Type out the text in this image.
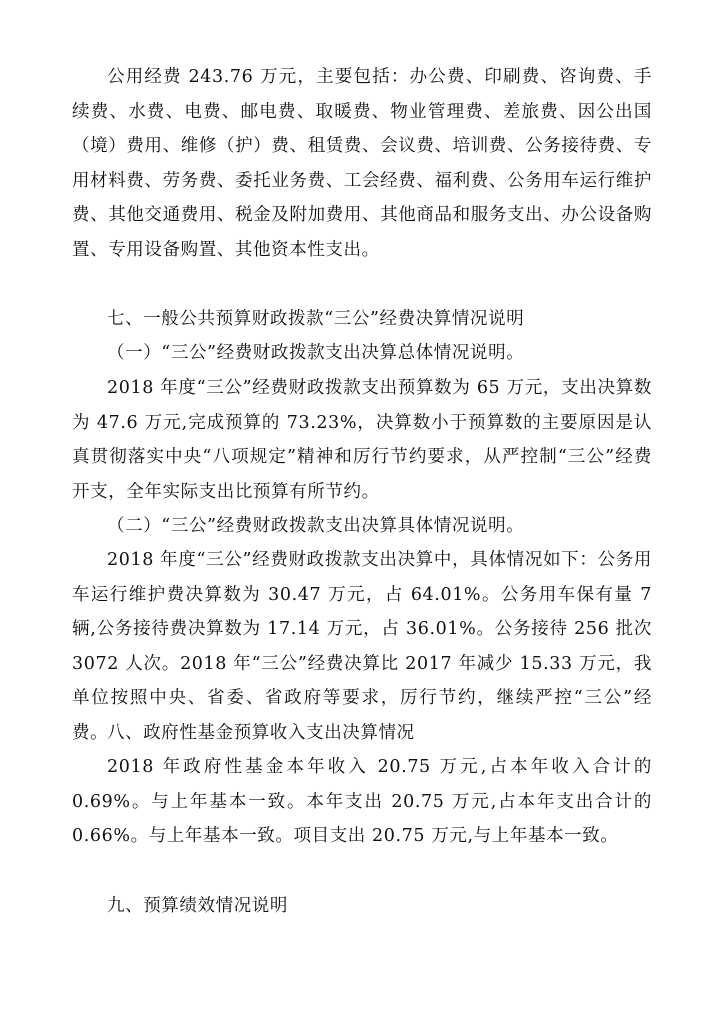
公用经费 243.76 万元，主要包括：办公费、印刷费、咨询费、手续费、水费、电费、邮电费、取暖费、物业管理费、差旅费、因公出国（境）费用、维修（护）费、租赁费、会议费、培训费、公务接待费、专用材料费、劳务费、委托业务费、工会经费、福利费、公务用车运行维护费、其他交通费用、税金及附加费用、其他商品和服务支出、办公设备购置、专用设备购置、其他资本性支出。

七、一般公共预算财政拨款“三公”经费决算情况说明

（一）“三公”经费财政拨款支出决算总体情况说明。

2018 年度“三公”经费财政拨款支出预算数为 65 万元，支出决算数为 47.6 万元,完成预算的 73.23%，决算数小于预算数的主要原因是认真贯彻落实中央“八项规定”精神和厉行节约要求，从严控制“三公”经费开支，全年实际支出比预算有所节约。

（二）“三公”经费财政拨款支出决算具体情况说明。

2018 年度“三公”经费财政拨款支出决算中，具体情况如下：公务用车运行维护费决算数为 30.47 万元，占 64.01%。公务用车保有量 7 辆,公务接待费决算数为 17.14 万元，占 36.01%。公务接待 256 批次 3072 人次。2018 年“三公”经费决算比 2017 年减少 15.33 万元，我单位按照中央、省委、省政府等要求，厉行节约，继续严控“三公”经费。

八、政府性基金预算收入支出决算情况

2018 年政府性基金本年收入 20.75 万元,占本年收入合计的 0.69%。与上年基本一致。本年支出 20.75 万元,占本年支出合计的 0.66%。与上年基本一致。项目支出 20.75 万元,与上年基本一致。

九、预算绩效情况说明
